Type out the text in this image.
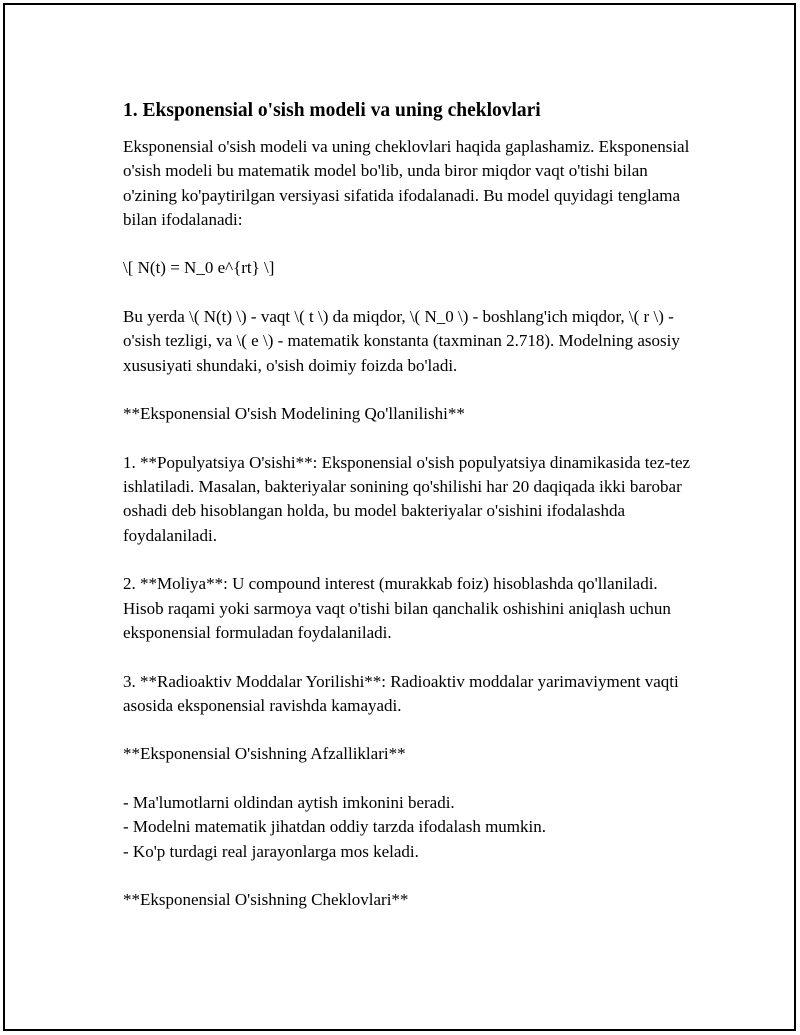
1. Eksponensial o'sish modeli va uning cheklovlari

Eksponensial o'sish modeli va uning cheklovlari haqida gaplashamiz. Eksponensial o'sish modeli bu matematik model bo'lib, unda biror miqdor vaqt o'tishi bilan o'zining ko'paytirilgan versiyasi sifatida ifodalanadi. Bu model quyidagi tenglama bilan ifodalanadi:

\[ N(t) = N_0 e^{rt} \]

Bu yerda \( N(t) \) - vaqt \( t \) da miqdor, \( N_0 \) - boshlang'ich miqdor, \( r \) - o'sish tezligi, va \( e \) - matematik konstanta (taxminan 2.718). Modelning asosiy xususiyati shundaki, o'sish doimiy foizda bo'ladi.

**Eksponensial O'sish Modelining Qo'llanilishi**

1. **Populyatsiya O'sishi**: Eksponensial o'sish populyatsiya dinamikasida tez-tez ishlatiladi. Masalan, bakteriyalar sonining qo'shilishi har 20 daqiqada ikki barobar oshadi deb hisoblangan holda, bu model bakteriyalar o'sishini ifodalashda foydalaniladi.

2. **Moliya**: U compound interest (murakkab foiz) hisoblashda qo'llaniladi. Hisob raqami yoki sarmoya vaqt o'tishi bilan qanchalik oshishini aniqlash uchun eksponensial formuladan foydalaniladi.

3. **Radioaktiv Moddalar Yorilishi**: Radioaktiv moddalar yarimaviyment vaqti asosida eksponensial ravishda kamayadi.

**Eksponensial O'sishning Afzalliklari**

- Ma'lumotlarni oldindan aytish imkonini beradi.
- Modelni matematik jihatdan oddiy tarzda ifodalash mumkin.
- Ko'p turdagi real jarayonlarga mos keladi.

**Eksponensial O'sishning Cheklovlari**
